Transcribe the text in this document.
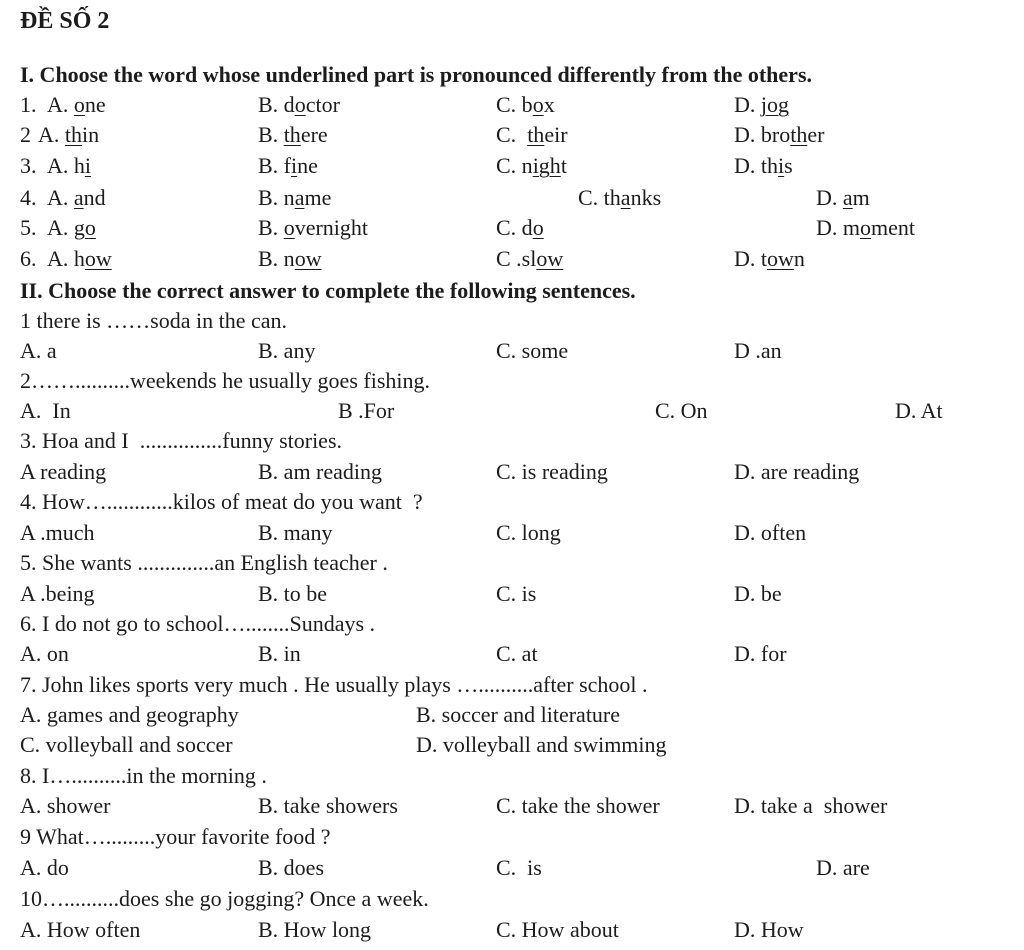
ĐỀ SỐ 2
I. Choose the word whose underlined part is pronounced differently from the others.
1. A. one	B. doctor	C. box	D. jog
2 A. thin	B. there	C.  their	D. brother
3. A. hi	B. fine	C. night	D. this
4. A. and	B. name	C. thanks	D. am
5. A. go	B. overnight	C. do	D. moment
6. A. how	B. now	C .slow	D. town
II. Choose the correct answer to complete the following sentences.
1 there is ……soda in the can.
A. a	B. any	C. some	D .an
2……..........weekends he usually goes fishing.
A.  In	B .For	C. On	D. At
3. Hoa and I  ...............funny stories.
A reading	B. am reading	C. is reading	D. are reading
4. How…............kilos of meat do you want  ?
A .much	B. many	C. long	D. often
5. She wants ..............an English teacher .
A .being	B. to be	C. is	D. be
6. I do not go to school…........Sundays .
A. on	B. in	C. at	D. for
7. John likes sports very much . He usually plays …..........after school .
A. games and geography	B. soccer and literature
C. volleyball and soccer	D. volleyball and swimming
8. I…..........in the morning .
A. shower	B. take showers	C. take the shower	D. take a  shower
9 What….........your favorite food ?
A. do	B. does	C.  is	D. are
10…..........does she go jogging? Once a week.
A. How often	B. How long	C. How about	D. How
